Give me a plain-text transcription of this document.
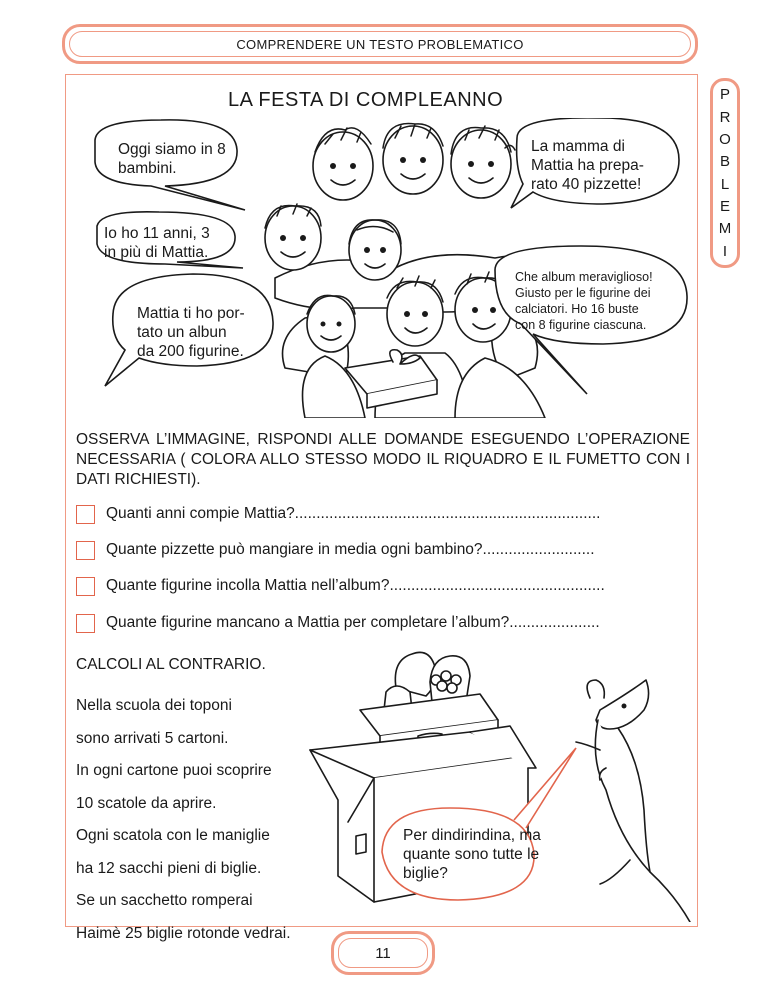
COMPRENDERE UN TESTO PROBLEMATICO
P
R
O
B
L
E
M
I
LA FESTA DI COMPLEANNO
Oggi siamo in 8
bambini.
La mamma di
Mattia ha prepa-
rato 40 pizzette!
Io ho 11 anni, 3
in più di Mattia.
Che album meraviglioso!
Giusto per le figurine dei
calciatori. Ho 16 buste
con 8 figurine ciascuna.
Mattia ti ho por-
tato un albun
da 200 figurine.
OSSERVA L’IMMAGINE, RISPONDI ALLE DOMANDE ESEGUENDO L’OPERAZIONE NECESSARIA ( COLORA ALLO STESSO MODO IL RIQUADRO E IL FUMETTO CON I DATI RICHIESTI).
Quanti anni compie Mattia?.......................................................................
Quante pizzette può mangiare in media ogni bambino?..........................
Quante figurine incolla Mattia nell’album?..................................................
Quante figurine mancano a Mattia per completare l’album?.....................
CALCOLI AL CONTRARIO.
Nella scuola dei toponi
sono arrivati 5 cartoni.
In ogni cartone puoi scoprire
10 scatole da aprire.
Ogni scatola con le maniglie
ha 12 sacchi pieni di biglie.
Se un sacchetto romperai
Haimè 25 biglie rotonde vedrai.
Per dindirindina, ma
quante sono tutte le
biglie?
11
